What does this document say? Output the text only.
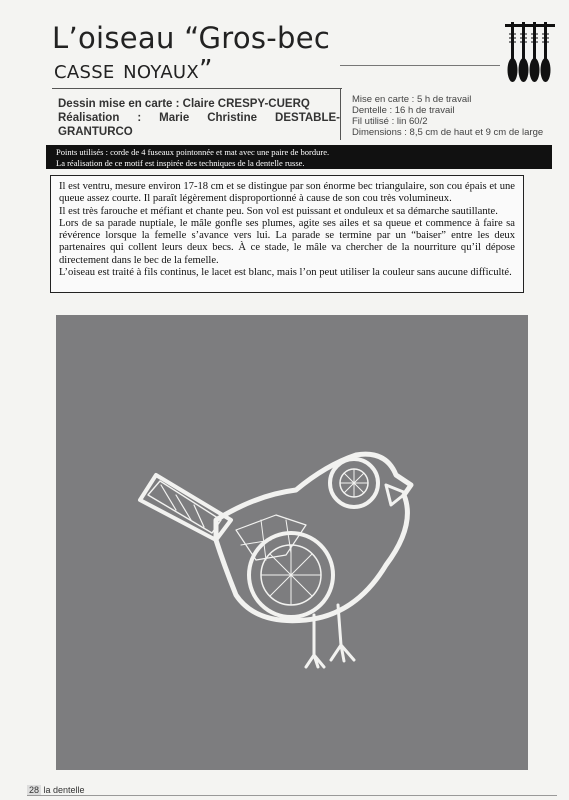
L’oiseau “Gros-bec
casse noyaux”
Dessin mise en carte : Claire CRESPY-CUERQ
Réalisation : Marie Christine DESTABLE-GRANTURCO
Mise en carte : 5 h de travail
Dentelle : 16 h de travail
Fil utilisé : lin 60/2
Dimensions : 8,5 cm de haut et 9 cm de large
Points utilisés : corde de 4 fuseaux pointonnée et mat avec une paire de bordure.
La réalisation de ce motif est inspirée des techniques de la dentelle russe.

Il est ventru, mesure environ 17-18 cm et se distingue par son énorme bec triangulaire, son cou épais et une queue assez courte. Il paraît légèrement disproportionné à cause de son cou très volumineux.

Il est très farouche et méfiant et chante peu. Son vol est puissant et onduleux et sa démarche sautillante.

Lors de sa parade nuptiale, le mâle gonfle ses plumes, agite ses ailes et sa queue et commence à faire sa révérence lorsque la femelle s’avance vers lui. La parade se termine par un “baiser” entre les deux partenaires qui collent leurs deux becs. À ce stade, le mâle va chercher de la nourriture qu’il dépose directement dans le bec de la femelle.

L’oiseau est traité à fils continus, le lacet est blanc, mais l’on peut utiliser la couleur sans aucune difficulté.

28 la dentelle
